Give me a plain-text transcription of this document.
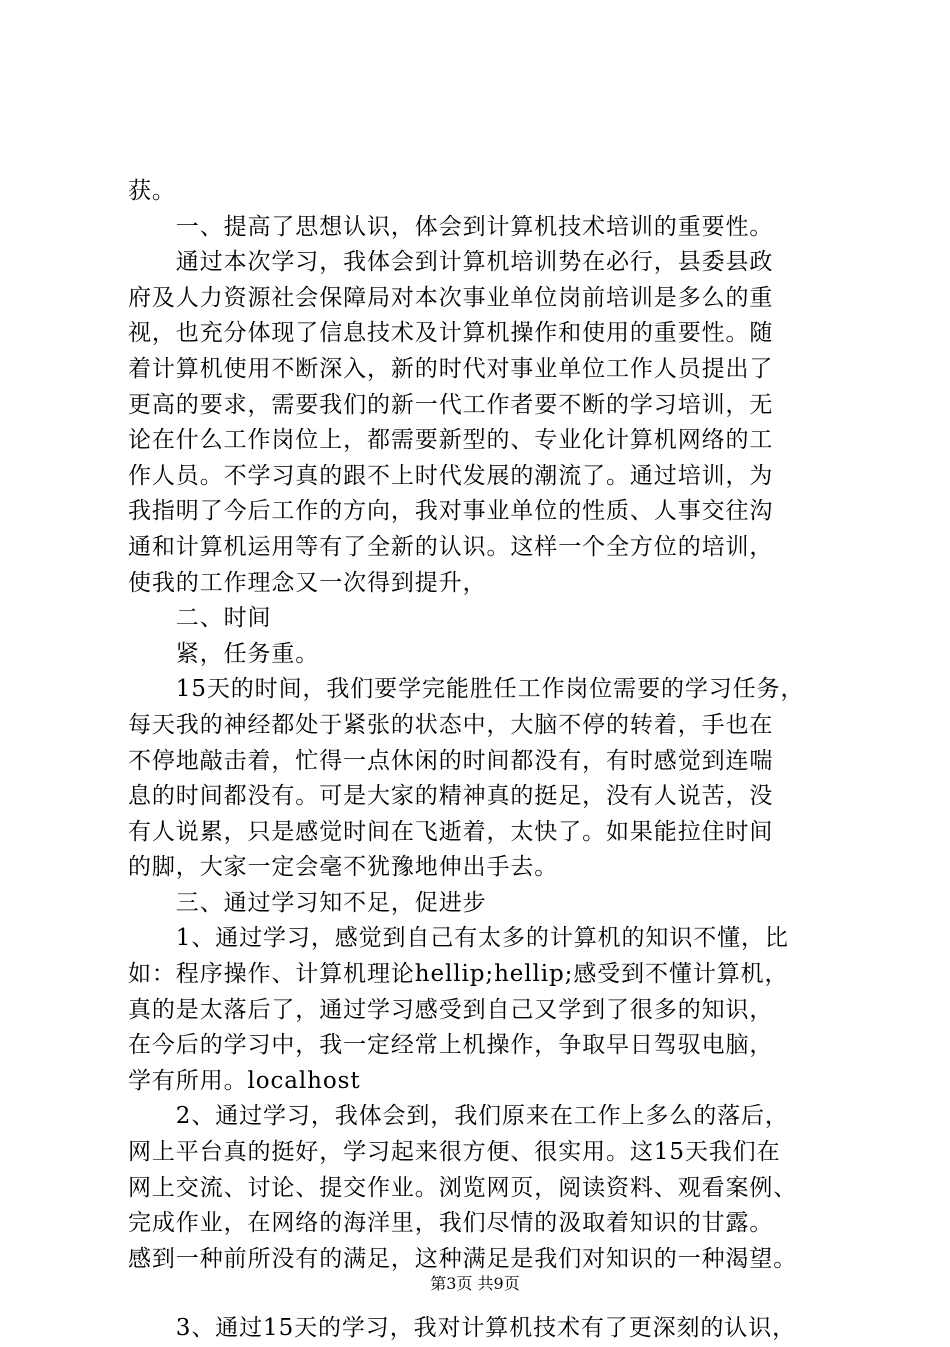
获。

　　一、提高了思想认识，体会到计算机技术培训的重要性。

　　通过本次学习，我体会到计算机培训势在必行，县委县政

府及人力资源社会保障局对本次事业单位岗前培训是多么的重

视，也充分体现了信息技术及计算机操作和使用的重要性。随

着计算机使用不断深入，新的时代对事业单位工作人员提出了

更高的要求，需要我们的新一代工作者要不断的学习培训，无

论在什么工作岗位上，都需要新型的、专业化计算机网络的工

作人员。不学习真的跟不上时代发展的潮流了。通过培训，为

我指明了今后工作的方向，我对事业单位的性质、人事交往沟

通和计算机运用等有了全新的认识。这样一个全方位的培训，

使我的工作理念又一次得到提升，

　　二、时间

　　紧，任务重。

　　15天的时间，我们要学完能胜任工作岗位需要的学习任务，

每天我的神经都处于紧张的状态中，大脑不停的转着，手也在

不停地敲击着，忙得一点休闲的时间都没有，有时感觉到连喘

息的时间都没有。可是大家的精神真的挺足，没有人说苦，没

有人说累，只是感觉时间在飞逝着，太快了。如果能拉住时间

的脚，大家一定会毫不犹豫地伸出手去。

　　三、通过学习知不足，促进步

　　1、通过学习，感觉到自己有太多的计算机的知识不懂，比

如：程序操作、计算机理论hellip;hellip;感受到不懂计算机，

真的是太落后了，通过学习感受到自己又学到了很多的知识，

在今后的学习中，我一定经常上机操作，争取早日驾驭电脑，

学有所用。localhost

　　2、通过学习，我体会到，我们原来在工作上多么的落后，

网上平台真的挺好，学习起来很方便、很实用。这15天我们在

网上交流、讨论、提交作业。浏览网页，阅读资料、观看案例、

完成作业，在网络的海洋里，我们尽情的汲取着知识的甘露。

感到一种前所没有的满足，这种满足是我们对知识的一种渴望。

　　3、通过15天的学习，我对计算机技术有了更深刻的认识，

第3页 共9页
